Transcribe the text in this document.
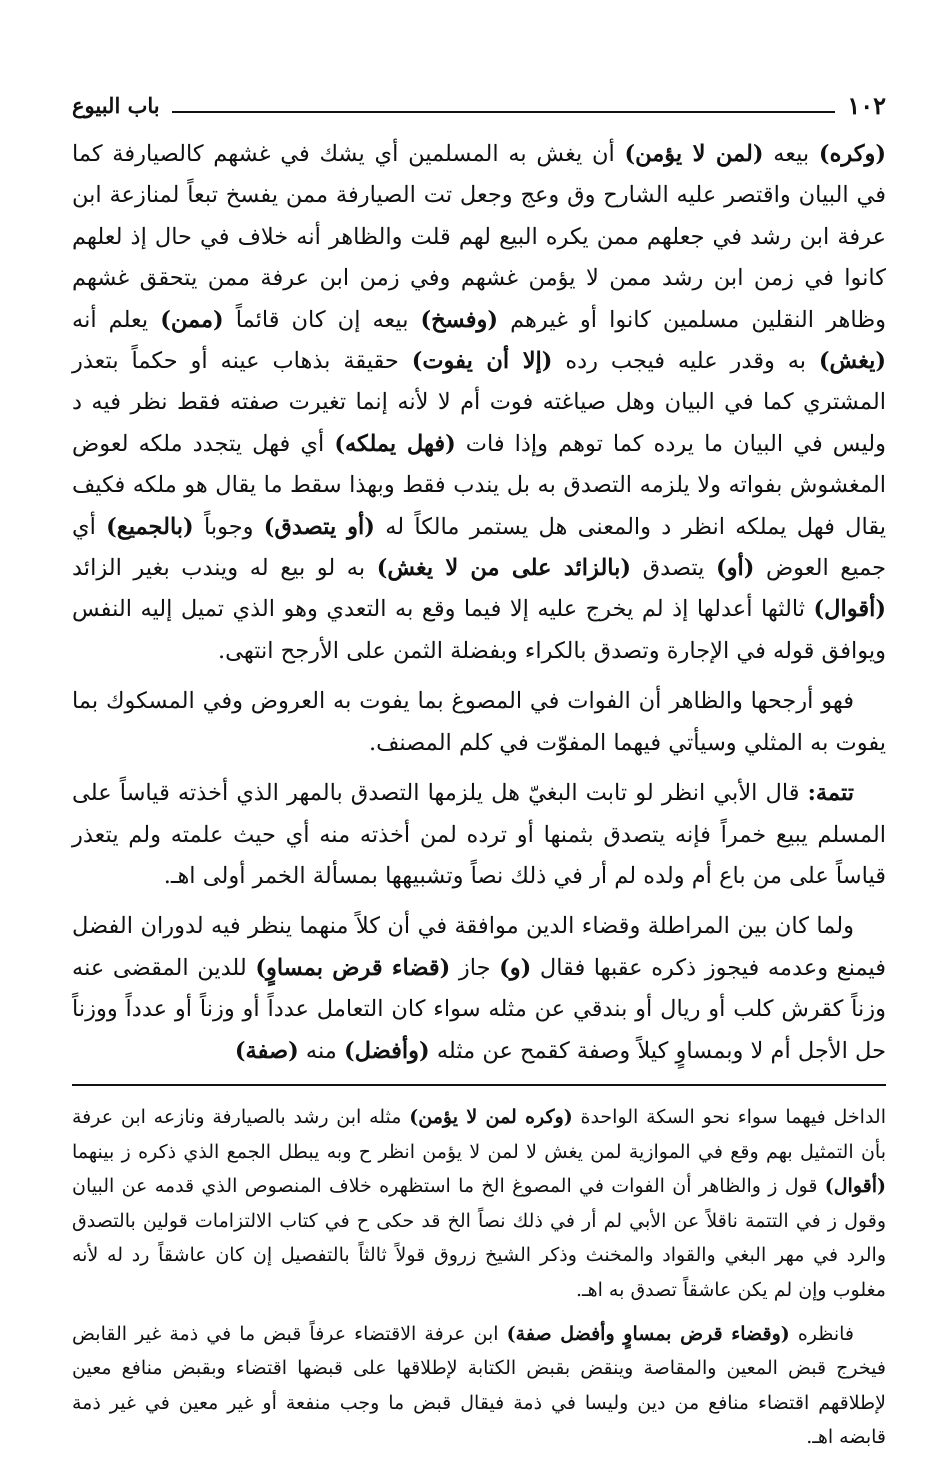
١٠٢
باب البيوع

(وكره) بيعه (لمن لا يؤمن) أن يغش به المسلمين أي يشك في غشهم كالصيارفة كما في البيان واقتصر عليه الشارح وق وعج وجعل تت الصيارفة ممن يفسخ تبعاً لمنازعة ابن عرفة ابن رشد في جعلهم ممن يكره البيع لهم قلت والظاهر أنه خلاف في حال إذ لعلهم كانوا في زمن ابن رشد ممن لا يؤمن غشهم وفي زمن ابن عرفة ممن يتحقق غشهم وظاهر النقلين مسلمين كانوا أو غيرهم (وفسخ) بيعه إن كان قائماً (ممن) يعلم أنه (يغش) به وقدر عليه فيجب رده (إلا أن يفوت) حقيقة بذهاب عينه أو حكماً بتعذر المشتري كما في البيان وهل صياغته فوت أم لا لأنه إنما تغيرت صفته فقط نظر فيه د وليس في البيان ما يرده كما توهم وإذا فات (فهل يملكه) أي فهل يتجدد ملكه لعوض المغشوش بفواته ولا يلزمه التصدق به بل يندب فقط وبهذا سقط ما يقال هو ملكه فكيف يقال فهل يملكه انظر د والمعنى هل يستمر مالكاً له (أو يتصدق) وجوباً (بالجميع) أي جميع العوض (أو) يتصدق (بالزائد على من لا يغش) به لو بيع له ويندب بغير الزائد (أقوال) ثالثها أعدلها إذ لم يخرج عليه إلا فيما وقع به التعدي وهو الذي تميل إليه النفس ويوافق قوله في الإجارة وتصدق بالكراء وبفضلة الثمن على الأرجح انتهى.

فهو أرجحها والظاهر أن الفوات في المصوغ بما يفوت به العروض وفي المسكوك بما يفوت به المثلي وسيأتي فيهما المفوّت في كلم المصنف.

تتمة: قال الأبي انظر لو تابت البغيّ هل يلزمها التصدق بالمهر الذي أخذته قياساً على المسلم يبيع خمراً فإنه يتصدق بثمنها أو ترده لمن أخذته منه أي حيث علمته ولم يتعذر قياساً على من باع أم ولده لم أر في ذلك نصاً وتشبيهها بمسألة الخمر أولى اهـ.

ولما كان بين المراطلة وقضاء الدين موافقة في أن كلاً منهما ينظر فيه لدوران الفضل فيمنع وعدمه فيجوز ذكره عقبها فقال (و) جاز (قضاء قرض بمساوٍ) للدين المقضى عنه وزناً كقرش كلب أو ريال أو بندقي عن مثله سواء كان التعامل عدداً أو وزناً أو عدداً ووزناً حل الأجل أم لا وبمساوٍ كيلاً وصفة كقمح عن مثله (وأفضل) منه (صفة)

الداخل فيهما سواء نحو السكة الواحدة (وكره لمن لا يؤمن) مثله ابن رشد بالصيارفة ونازعه ابن عرفة بأن التمثيل بهم وقع في الموازية لمن يغش لا لمن لا يؤمن انظر ح وبه يبطل الجمع الذي ذكره ز بينهما (أقوال) قول ز والظاهر أن الفوات في المصوغ الخ ما استظهره خلاف المنصوص الذي قدمه عن البيان وقول ز في التتمة ناقلاً عن الأبي لم أر في ذلك نصاً الخ قد حكى ح في كتاب الالتزامات قولين بالتصدق والرد في مهر البغي والقواد والمخنث وذكر الشيخ زروق قولاً ثالثاً بالتفصيل إن كان عاشقاً رد له لأنه مغلوب وإن لم يكن عاشقاً تصدق به اهـ.

فانظره (وقضاء قرض بمساوٍ وأفضل صفة) ابن عرفة الاقتضاء عرفاً قبض ما في ذمة غير القابض فيخرج قبض المعين والمقاصة وينقض بقبض الكتابة لإطلاقها على قبضها اقتضاء وبقبض منافع معين لإطلاقهم اقتضاء منافع من دين وليسا في ذمة فيقال قبض ما وجب منفعة أو غير معين في غير ذمة قابضه اهـ.
